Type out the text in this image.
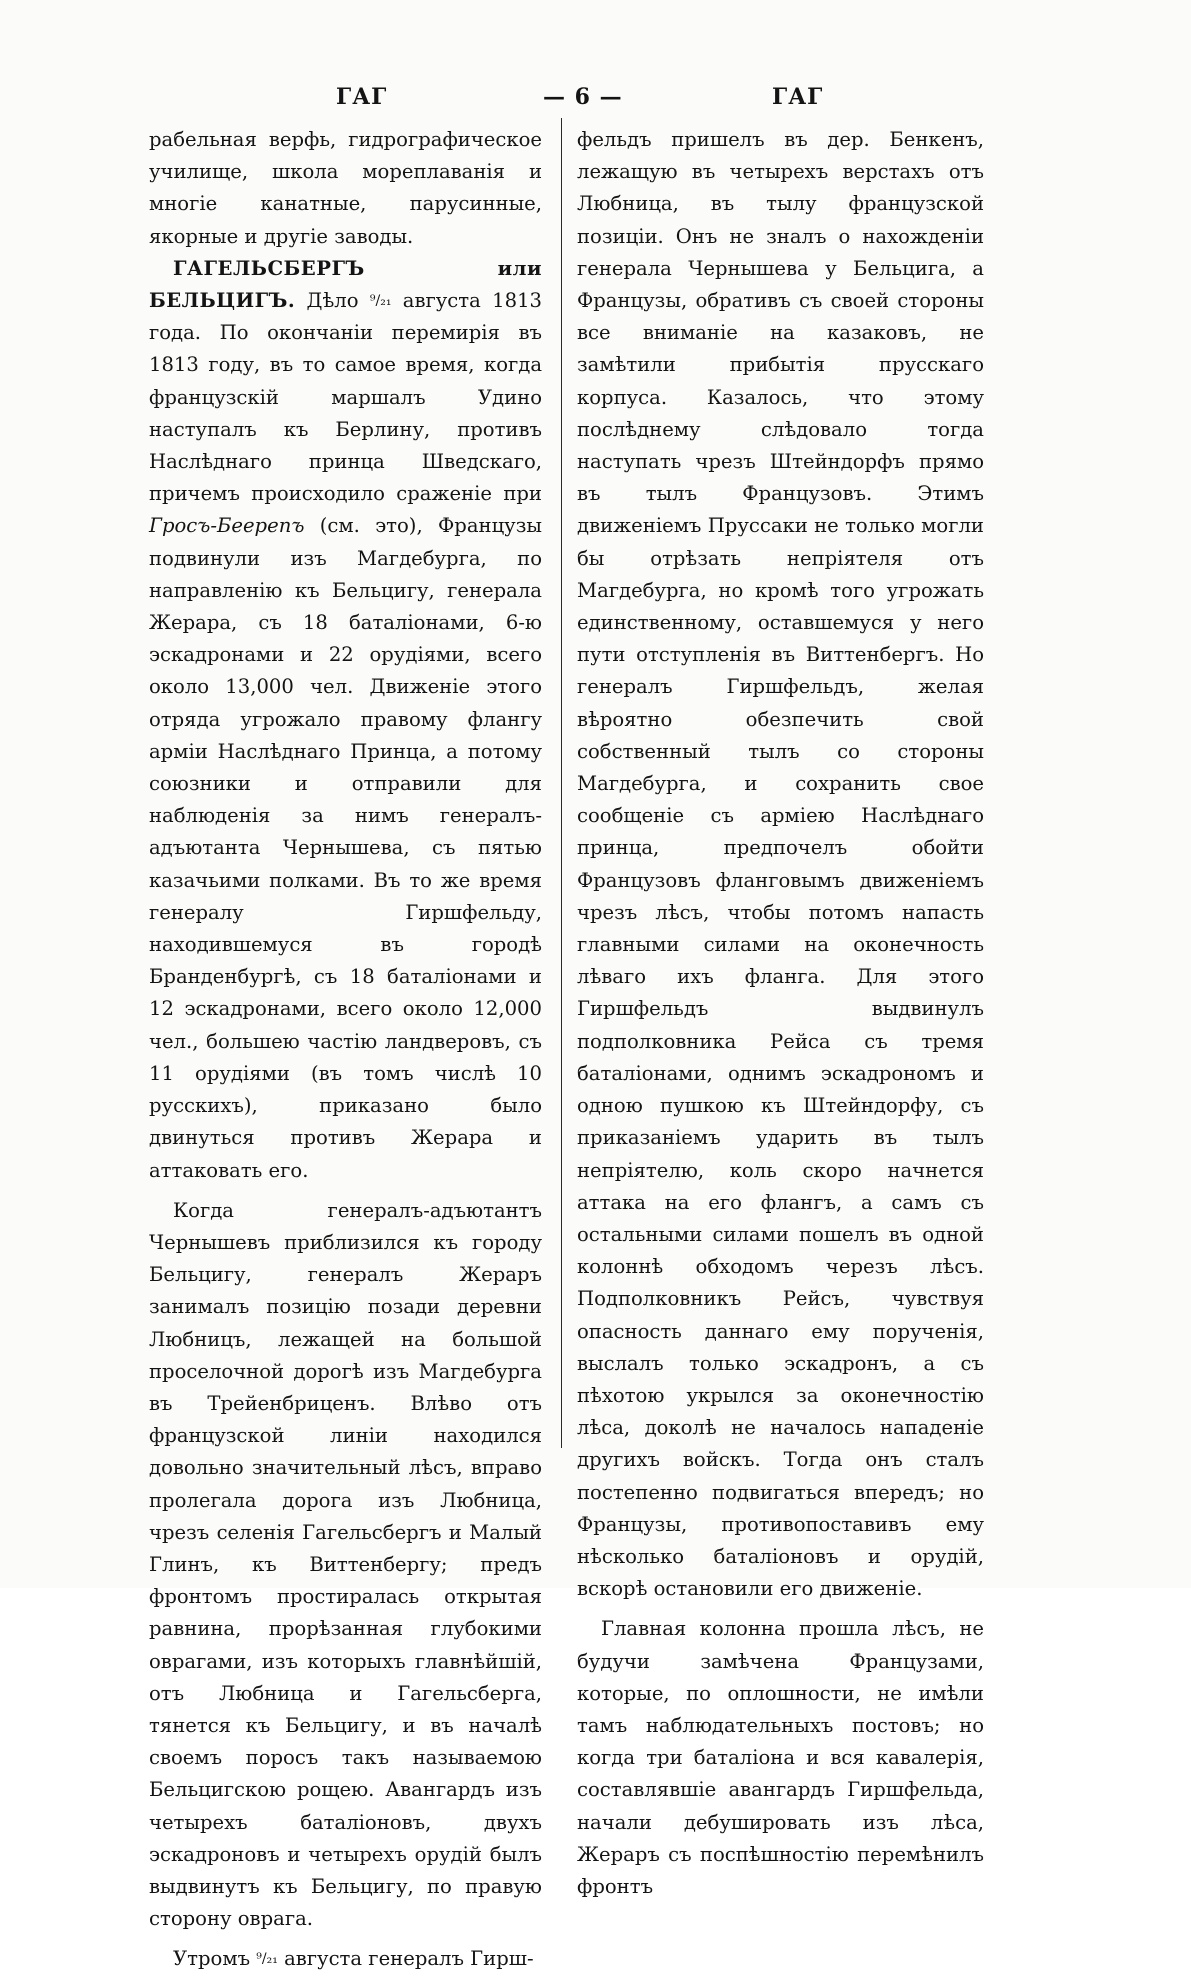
ГАГ	— 6 —	ГАГ

рабельная верфь, гидрографическое училище, школа мореплаванія и многіе канатные, парусинные, якорные и другіе заводы.

ГАГЕЛЬСБЕРГЪ или БЕЛЬЦИГЪ. Дѣло ⁹/₂₁ августа 1813 года. По окончаніи перемирія въ 1813 году, въ то самое время, когда французскій маршалъ Удино наступалъ къ Берлину, противъ Наслѣднаго принца Шведскаго, причемъ происходило сраженіе при Гросъ-Беереnъ (см. это), Французы подвинули изъ Магдебурга, по направленію къ Бельцигу, генерала Жерара, съ 18 баталіонами, 6-ю эскадронами и 22 орудіями, всего около 13,000 чел. Движеніе этого отряда угрожало правому флангу арміи Наслѣднаго Принца, а потому союзники и отправили для наблюденія за нимъ генералъ-адъютанта Чернышева, съ пятью казачьими полками. Въ то же время генералу Гиршфельду, находившемуся въ городѣ Бранденбургѣ, съ 18 баталіонами и 12 эскадронами, всего около 12,000 чел., большею частію ландверовъ, съ 11 орудіями (въ томъ числѣ 10 русскихъ), приказано было двинуться противъ Жерара и аттаковать его.

Когда генералъ-адъютантъ Чернышевъ приблизился къ городу Бельцигу, генералъ Жераръ занималъ позицію позади деревни Любницъ, лежащей на большой проселочной дорогѣ изъ Магдебурга въ Трейенбриценъ. Влѣво отъ французской линіи находился довольно значительный лѣсъ, вправо пролегала дорога изъ Любница, чрезъ селенія Гагельсбергъ и Малый Глинъ, къ Виттенбергу; предъ фронтомъ простиралась открытая равнина, прорѣзанная глубокими оврагами, изъ которыхъ главнѣйшій, отъ Любница и Гагельсберга, тянется къ Бельцигу, и въ началѣ своемъ поросъ такъ называемою Бельцигскою рощею. Авангардъ изъ четырехъ баталіоновъ, двухъ эскадроновъ и четырехъ орудій былъ выдвинутъ къ Бельцигу, по правую сторону оврага.

Утромъ ⁹/₂₁ августа генералъ Гирш-

фельдъ пришелъ въ дер. Бенкенъ, лежащую въ четырехъ верстахъ отъ Любница, въ тылу французской позиціи. Онъ не зналъ о нахожденіи генерала Чернышева у Бельцига, а Французы, обративъ съ своей стороны все вниманіе на казаковъ, не замѣтили прибытія прусскаго корпуса. Казалось, что этому послѣднему слѣдовало тогда наступать чрезъ Штейндорфъ прямо въ тылъ Французовъ. Этимъ движеніемъ Пруссаки не только могли бы отрѣзать непріятеля отъ Магдебурга, но кромѣ того угрожать единственному, оставшемуся у него пути отступленія въ Виттенбергъ. Но генералъ Гиршфельдъ, желая вѣроятно обезпечить свой собственный тылъ со стороны Магдебурга, и сохранить свое сообщеніе съ арміею Наслѣднаго принца, предпочелъ обойти Французовъ фланговымъ движеніемъ чрезъ лѣсъ, чтобы потомъ напасть главными силами на оконечность лѣваго ихъ фланга. Для этого Гиршфельдъ выдвинулъ подполковника Рейса съ тремя баталіонами, однимъ эскадрономъ и одною пушкою къ Штейндорфу, съ приказаніемъ ударить въ тылъ непріятелю, коль скоро начнется аттака на его флангъ, а самъ съ остальными силами пошелъ въ одной колоннѣ обходомъ черезъ лѣсъ. Подполковникъ Рейсъ, чувствуя опасность даннаго ему порученія, выслалъ только эскадронъ, а съ пѣхотою укрылся за оконечностію лѣса, доколѣ не началось нападеніе другихъ войскъ. Тогда онъ сталъ постепенно подвигаться впередъ; но Французы, противопоставивъ ему нѣсколько баталіоновъ и орудій, вскорѣ остановили его движеніе.

Главная колонна прошла лѣсъ, не будучи замѣчена Французами, которые, по оплошности, не имѣли тамъ наблюдательныхъ постовъ; но когда три баталіона и вся кавалерія, составлявшіе авангардъ Гиршфельда, начали дебушировать изъ лѣса, Жераръ съ поспѣшностію перемѣнилъ фронтъ
